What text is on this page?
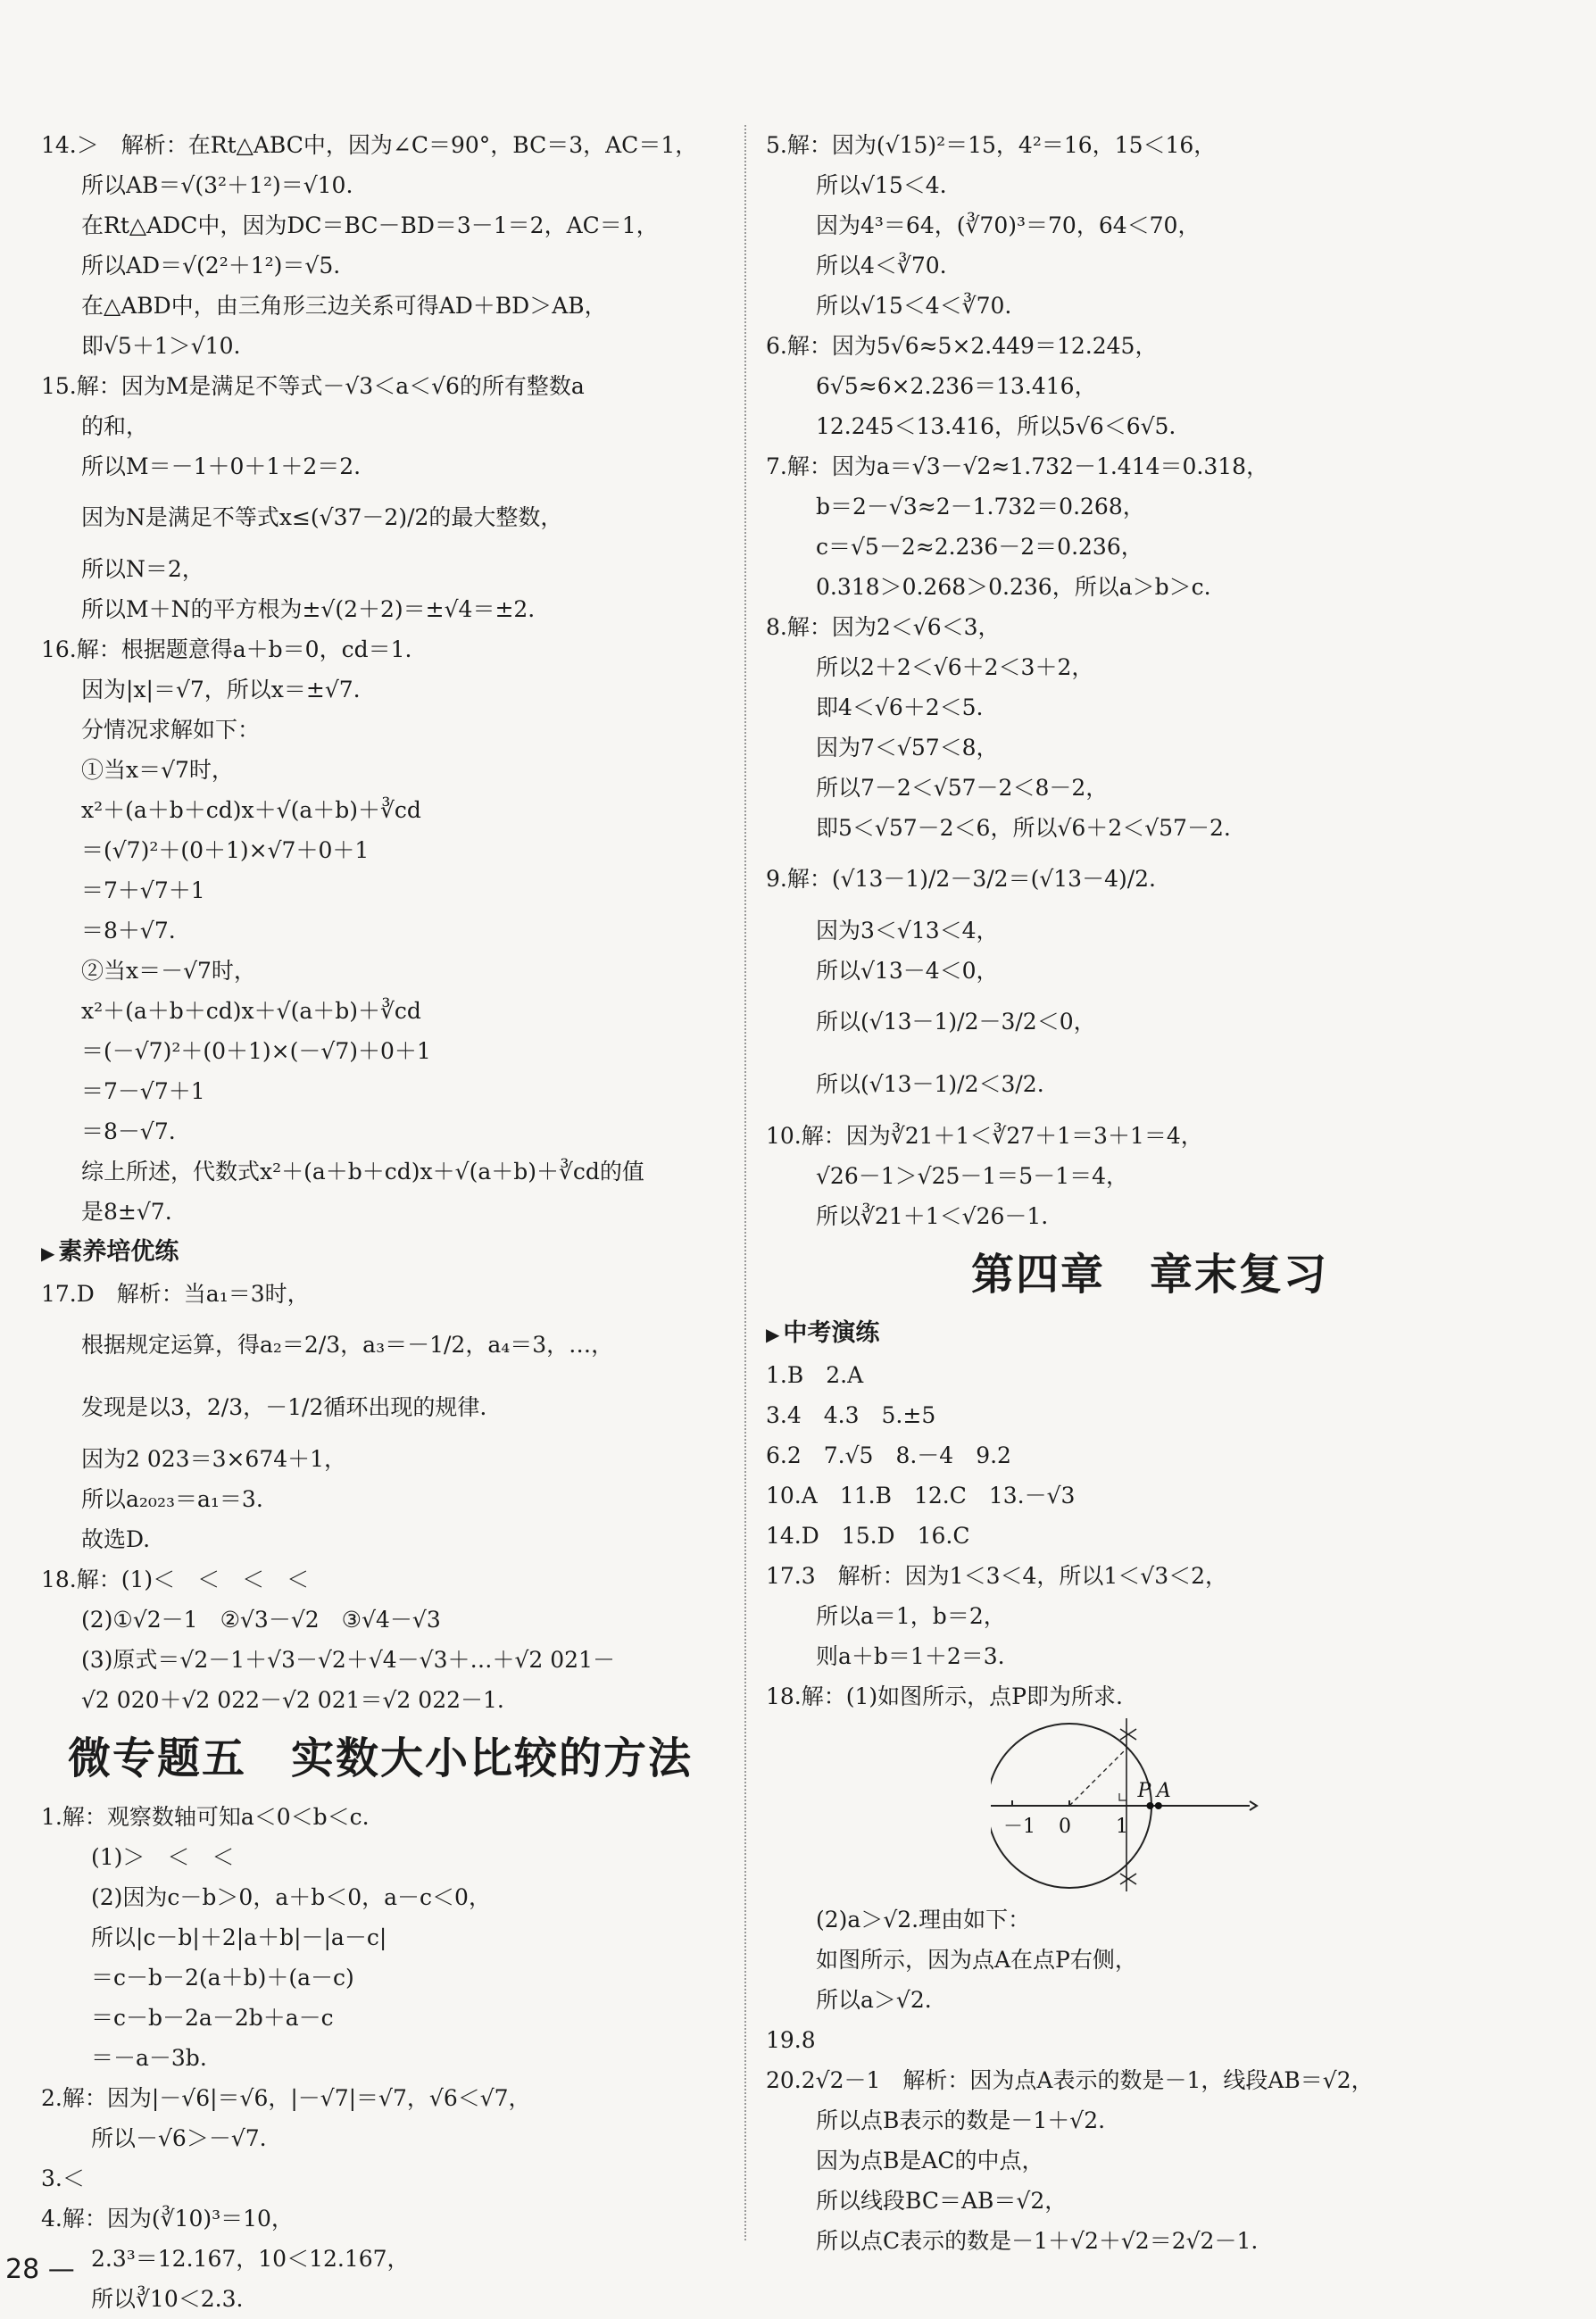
14.＞　解析：在Rt△ABC中，因为∠C＝90°，BC＝3，AC＝1，
所以AB＝√(3²＋1²)＝√10.
在Rt△ADC中，因为DC＝BC－BD＝3－1＝2，AC＝1，
所以AD＝√(2²＋1²)＝√5.
在△ABD中，由三角形三边关系可得AD＋BD＞AB，
即√5＋1＞√10.
15.解：因为M是满足不等式－√3＜a＜√6的所有整数a
的和，
所以M＝－1＋0＋1＋2＝2.
因为N是满足不等式x≤(√37－2)/2的最大整数，
所以N＝2，
所以M＋N的平方根为±√(2＋2)＝±√4＝±2.
16.解：根据题意得a＋b＝0，cd＝1.
因为|x|＝√7，所以x＝±√7.
分情况求解如下：
①当x＝√7时，
x²＋(a＋b＋cd)x＋√(a＋b)＋∛cd
＝(√7)²＋(0＋1)×√7＋0＋1
＝7＋√7＋1
＝8＋√7.
②当x＝－√7时，
x²＋(a＋b＋cd)x＋√(a＋b)＋∛cd
＝(－√7)²＋(0＋1)×(－√7)＋0＋1
＝7－√7＋1
＝8－√7.
综上所述，代数式x²＋(a＋b＋cd)x＋√(a＋b)＋∛cd的值
是8±√7.
▶ 素养培优练
17.D　解析：当a₁＝3时，
根据规定运算，得a₂＝2/3，a₃＝－1/2，a₄＝3，…，
发现是以3，2/3，－1/2循环出现的规律.
因为2 023＝3×674＋1，
所以a₂₀₂₃＝a₁＝3.
故选D.
18.解：(1)＜　＜　＜　＜
(2)①√2－1　②√3－√2　③√4－√3
(3)原式＝√2－1＋√3－√2＋√4－√3＋…＋√2 021－
√2 020＋√2 022－√2 021＝√2 022－1.
微专题五　实数大小比较的方法
1.解：观察数轴可知a＜0＜b＜c.
(1)＞　＜　＜
(2)因为c－b＞0，a＋b＜0，a－c＜0，
所以|c－b|＋2|a＋b|－|a－c|
＝c－b－2(a＋b)＋(a－c)
＝c－b－2a－2b＋a－c
＝－a－3b.
2.解：因为|－√6|＝√6，|－√7|＝√7，√6＜√7，
所以－√6＞－√7.
3.＜
4.解：因为(∛10)³＝10，
2.3³＝12.167，10＜12.167，
所以∛10＜2.3.
5.解：因为(√15)²＝15，4²＝16，15＜16，
所以√15＜4.
因为4³＝64，(∛70)³＝70，64＜70，
所以4＜∛70.
所以√15＜4＜∛70.
6.解：因为5√6≈5×2.449＝12.245，
6√5≈6×2.236＝13.416，
12.245＜13.416，所以5√6＜6√5.
7.解：因为a＝√3－√2≈1.732－1.414＝0.318，
b＝2－√3≈2－1.732＝0.268，
c＝√5－2≈2.236－2＝0.236，
0.318＞0.268＞0.236，所以a＞b＞c.
8.解：因为2＜√6＜3，
所以2＋2＜√6＋2＜3＋2，
即4＜√6＋2＜5.
因为7＜√57＜8，
所以7－2＜√57－2＜8－2，
即5＜√57－2＜6，所以√6＋2＜√57－2.
9.解：(√13－1)/2－3/2＝(√13－4)/2.
因为3＜√13＜4，
所以√13－4＜0，
所以(√13－1)/2－3/2＜0，
所以(√13－1)/2＜3/2.
10.解：因为∛21＋1＜∛27＋1＝3＋1＝4，
√26－1＞√25－1＝5－1＝4，
所以∛21＋1＜√26－1.
第四章　章末复习
▶ 中考演练
1.B　2.A
3.4　4.3　5.±5
6.2　7.√5　8.－4　9.2
10.A　11.B　12.C　13.－√3
14.D　15.D　16.C
17.3　解析：因为1＜3＜4，所以1＜√3＜2，
所以a＝1，b＝2，
则a＋b＝1＋2＝3.
18.解：(1)如图所示，点P即为所求.
－1 0 1
P A
(2)a＞√2.理由如下：
如图所示，因为点A在点P右侧，
所以a＞√2.
19.8
20.2√2－1　解析：因为点A表示的数是－1，线段AB＝√2，
所以点B表示的数是－1＋√2.
因为点B是AC的中点，
所以线段BC＝AB＝√2，
所以点C表示的数是－1＋√2＋√2＝2√2－1.
28 —
